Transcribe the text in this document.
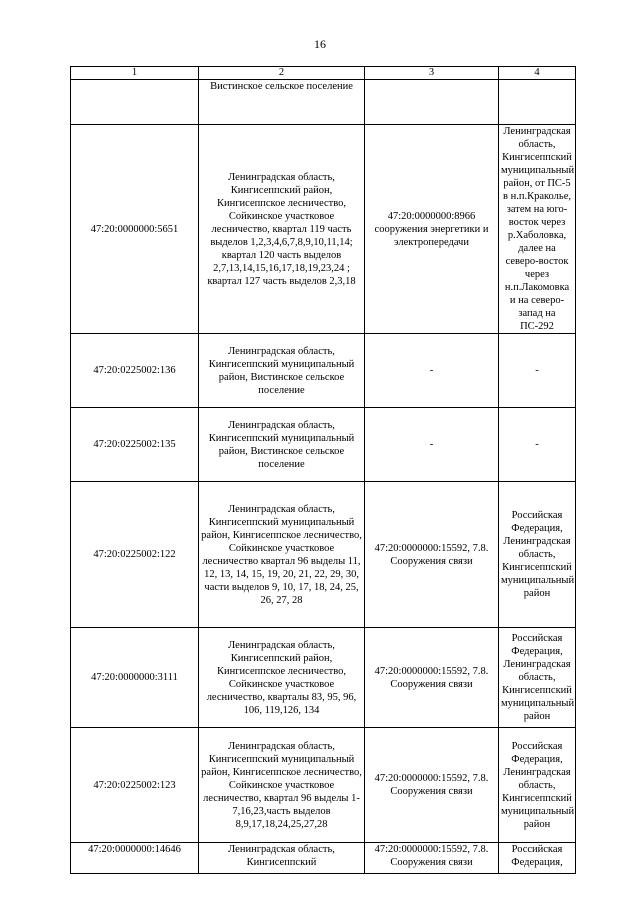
16
1	2	3	4
	Вистинское сельское поселение		
47:20:0000000:5651	Ленинградская область, Кингисеппский район, Кингисеппское лесничество, Сойкинское участковое лесничество, квартал 119 часть выделов 1,2,3,4,6,7,8,9,10,11,14; квартал 120 часть выделов 2,7,13,14,15,16,17,18,19,23,24 ; квартал 127 часть выделов 2,3,18	47:20:0000000:8966 сооружения энергетики и электропередачи	Ленинградская область, Кингисеппский муниципальный район, от ПС-5 в н.п.Краколье, затем на юго-восток через р.Хаболовка, далее на северо-восток через н.п.Лакомовка и на северо-запад на ПС-292
47:20:0225002:136	Ленинградская область, Кингисеппский муниципальный район, Вистинское сельское поселение	-	-
47:20:0225002:135	Ленинградская область, Кингисеппский муниципальный район, Вистинское сельское поселение	-	-
47:20:0225002:122	Ленинградская область, Кингисеппский муниципальный район, Кингисеппское лесничество, Сойкинское участковое лесничество квартал 96 выделы 11, 12, 13, 14, 15, 19, 20, 21, 22, 29, 30, части выделов 9, 10, 17, 18, 24, 25, 26, 27, 28	47:20:0000000:15592, 7.8. Сооружения связи	Российская Федерация, Ленинградская область, Кингисеппский муниципальный район
47:20:0000000:3111	Ленинградская область, Кингисеппский район, Кингисеппское лесничество, Сойкинское участковое лесничество, кварталы 83, 95, 96, 106, 119,126, 134	47:20:0000000:15592, 7.8. Сооружения связи	Российская Федерация, Ленинградская область, Кингисеппский муниципальный район
47:20:0225002:123	Ленинградская область, Кингисеппский муниципальный район, Кингисеппское лесничество, Сойкинское участковое лесничество, квартал 96 выделы 1-7,16,23,часть выделов 8,9,17,18,24,25,27,28	47:20:0000000:15592, 7.8. Сооружения связи	Российская Федерация, Ленинградская область, Кингисеппский муниципальный район
47:20:0000000:14646	Ленинградская область, Кингисеппский	47:20:0000000:15592, 7.8. Сооружения связи	Российская Федерация,
